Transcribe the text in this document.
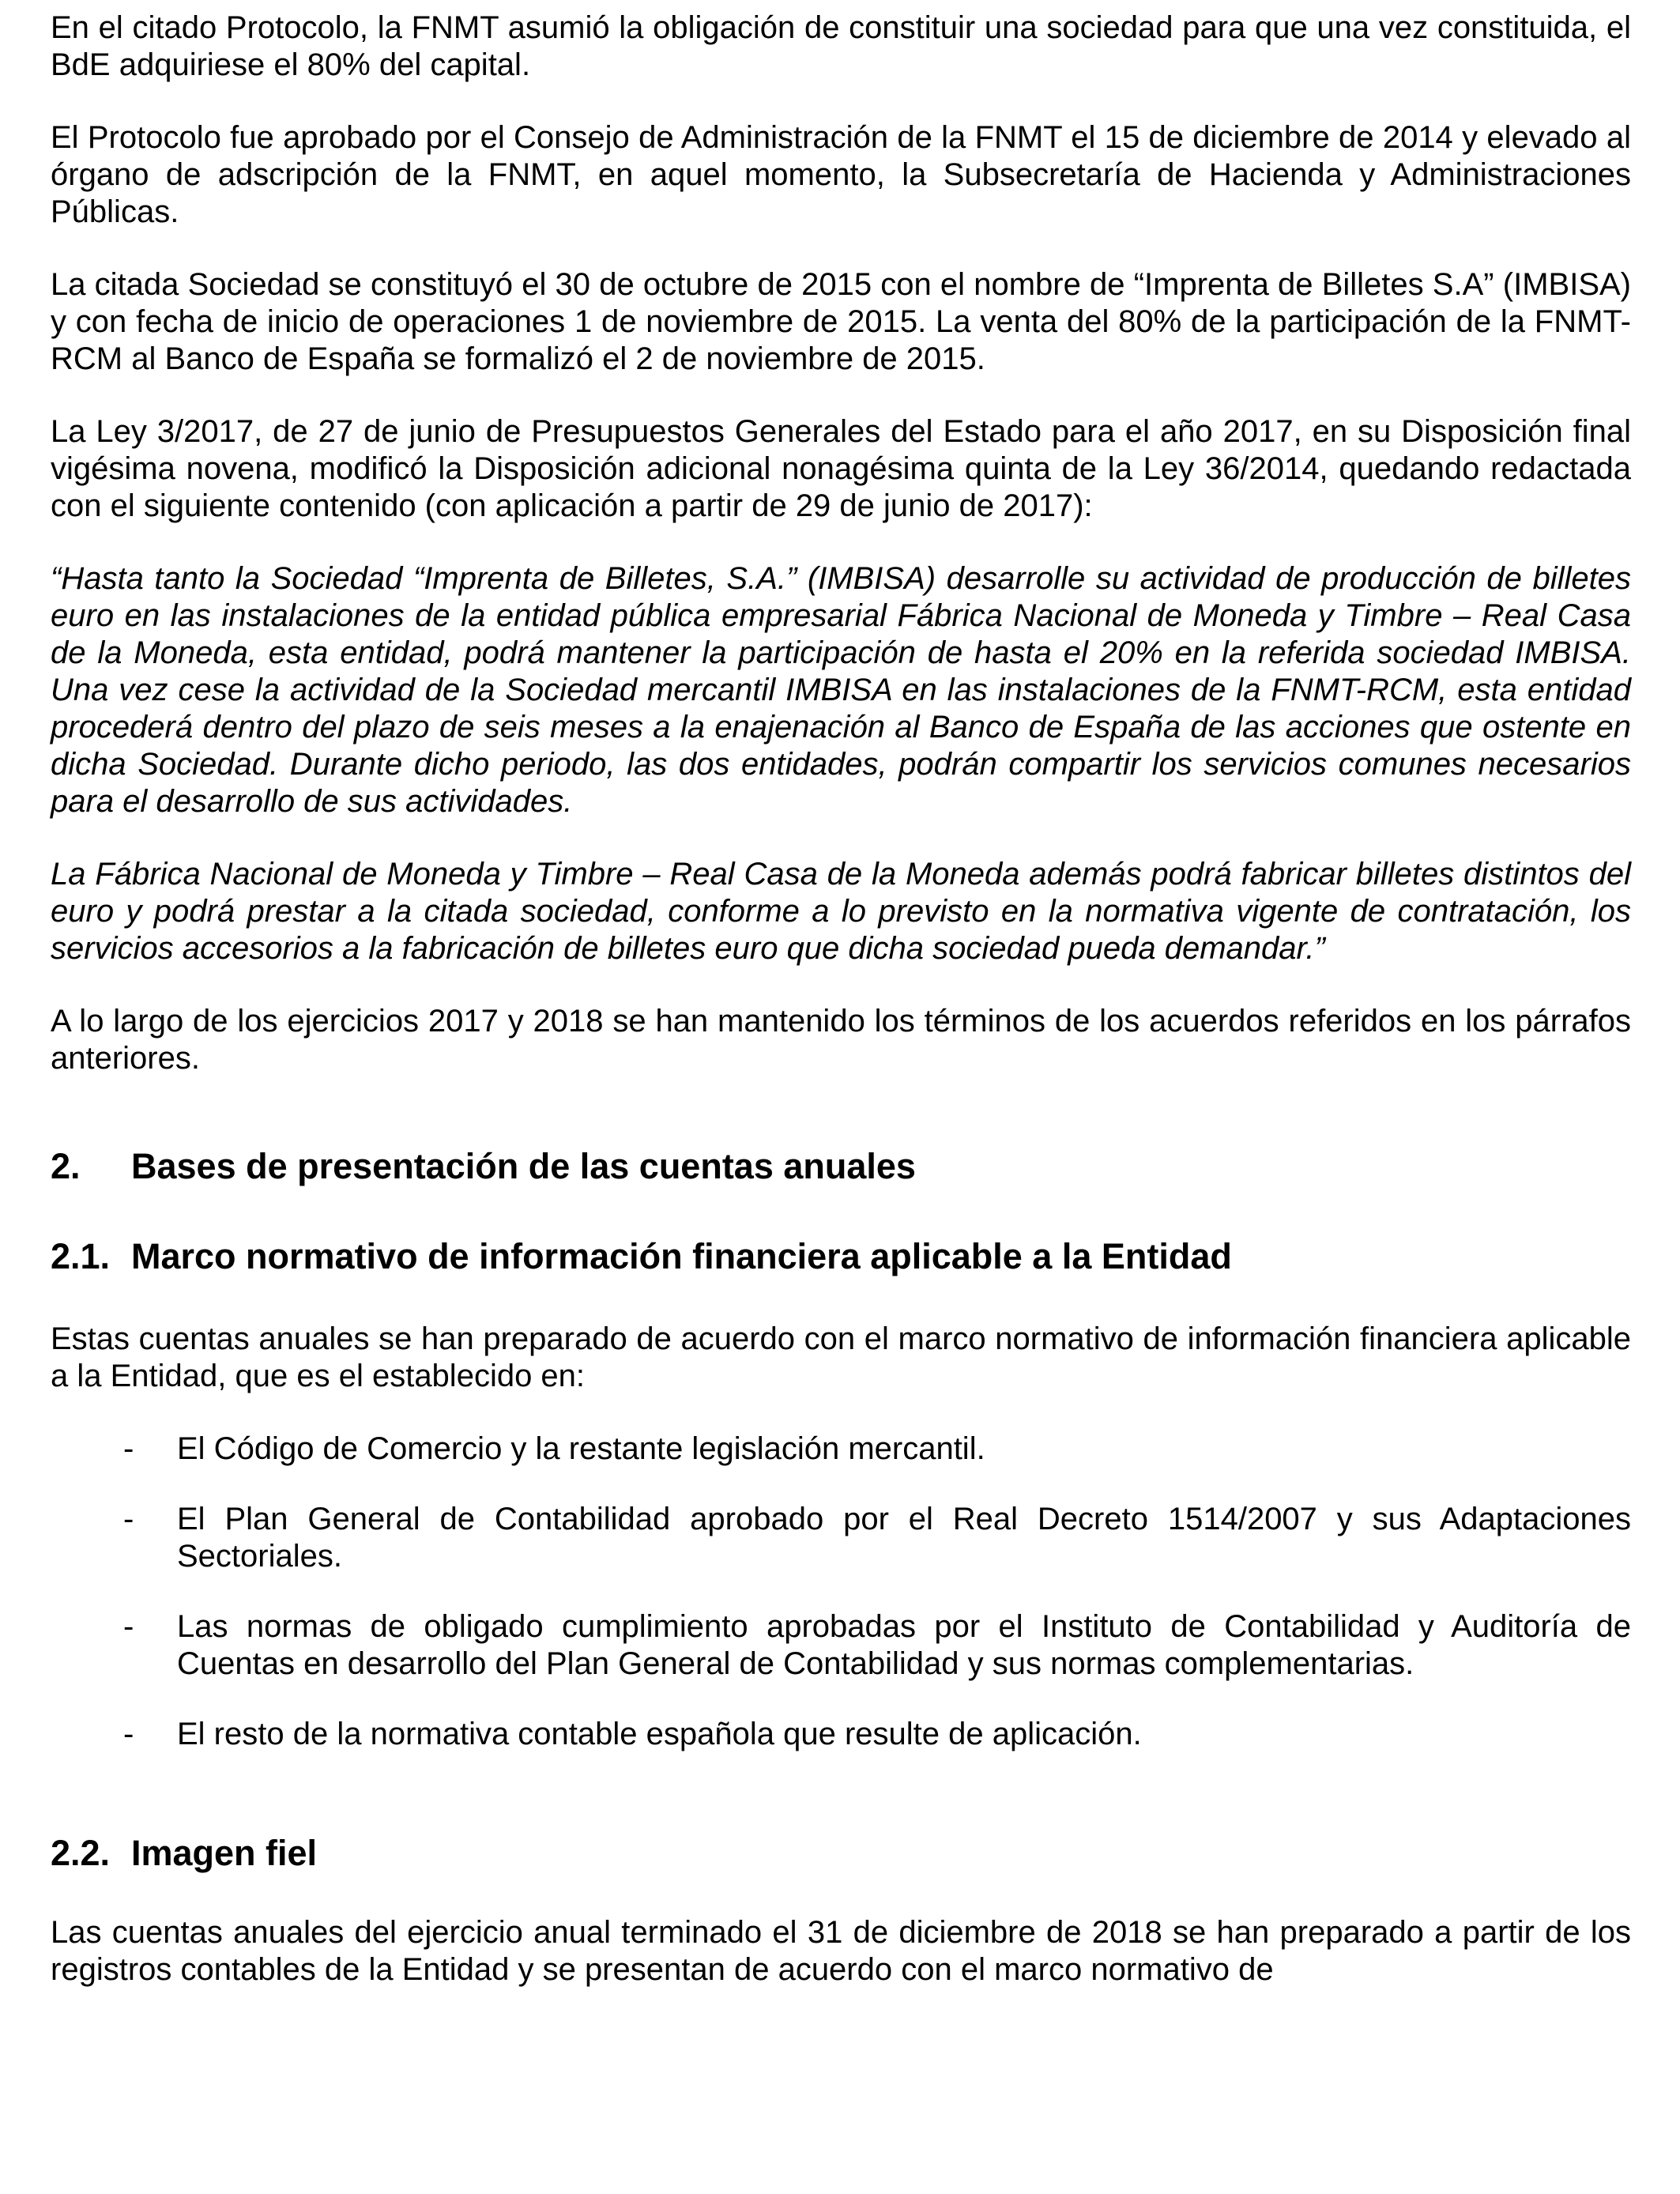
En el citado Protocolo, la FNMT asumió la obligación de constituir una sociedad para que una vez constituida, el BdE adquiriese el 80% del capital.

El Protocolo fue aprobado por el Consejo de Administración de la FNMT el 15 de diciembre de 2014 y elevado al órgano de adscripción de la FNMT, en aquel momento, la Subsecretaría de Hacienda y Administraciones Públicas.

La citada Sociedad se constituyó el 30 de octubre de 2015 con el nombre de “Imprenta de Billetes S.A” (IMBISA) y con fecha de inicio de operaciones 1 de noviembre de 2015. La venta del 80% de la participación de la FNMT-RCM al Banco de España se formalizó el 2 de noviembre de 2015.

La Ley 3/2017, de 27 de junio de Presupuestos Generales del Estado para el año 2017, en su Disposición final vigésima novena, modificó la Disposición adicional nonagésima quinta de la Ley 36/2014, quedando redactada con el siguiente contenido (con aplicación a partir de 29 de junio de 2017):

“Hasta tanto la Sociedad “Imprenta de Billetes, S.A.” (IMBISA) desarrolle su actividad de producción de billetes euro en las instalaciones de la entidad pública empresarial Fábrica Nacional de Moneda y Timbre – Real Casa de la Moneda, esta entidad, podrá mantener la participación de hasta el 20% en la referida sociedad IMBISA. Una vez cese la actividad de la Sociedad mercantil IMBISA en las instalaciones de la FNMT-RCM, esta entidad procederá dentro del plazo de seis meses a la enajenación al Banco de España de las acciones que ostente en dicha Sociedad. Durante dicho periodo, las dos entidades, podrán compartir los servicios comunes necesarios para el desarrollo de sus actividades.

La Fábrica Nacional de Moneda y Timbre – Real Casa de la Moneda además podrá fabricar billetes distintos del euro y podrá prestar a la citada sociedad, conforme a lo previsto en la normativa vigente de contratación, los servicios accesorios a la fabricación de billetes euro que dicha sociedad pueda demandar.”

A lo largo de los ejercicios 2017 y 2018 se han mantenido los términos de los acuerdos referidos en los párrafos anteriores.

2.	Bases de presentación de las cuentas anuales
2.1. Marco normativo de información financiera aplicable a la Entidad

Estas cuentas anuales se han preparado de acuerdo con el marco normativo de información financiera aplicable a la Entidad, que es el establecido en:

-	El Código de Comercio y la restante legislación mercantil.
-	El Plan General de Contabilidad aprobado por el Real Decreto 1514/2007 y sus Adaptaciones Sectoriales.
-	Las normas de obligado cumplimiento aprobadas por el Instituto de Contabilidad y Auditoría de Cuentas en desarrollo del Plan General de Contabilidad y sus normas complementarias.
-	El resto de la normativa contable española que resulte de aplicación.
2.2. Imagen fiel

Las cuentas anuales del ejercicio anual terminado el 31 de diciembre de 2018 se han preparado a partir de los registros contables de la Entidad y se presentan de acuerdo con el marco normativo de
